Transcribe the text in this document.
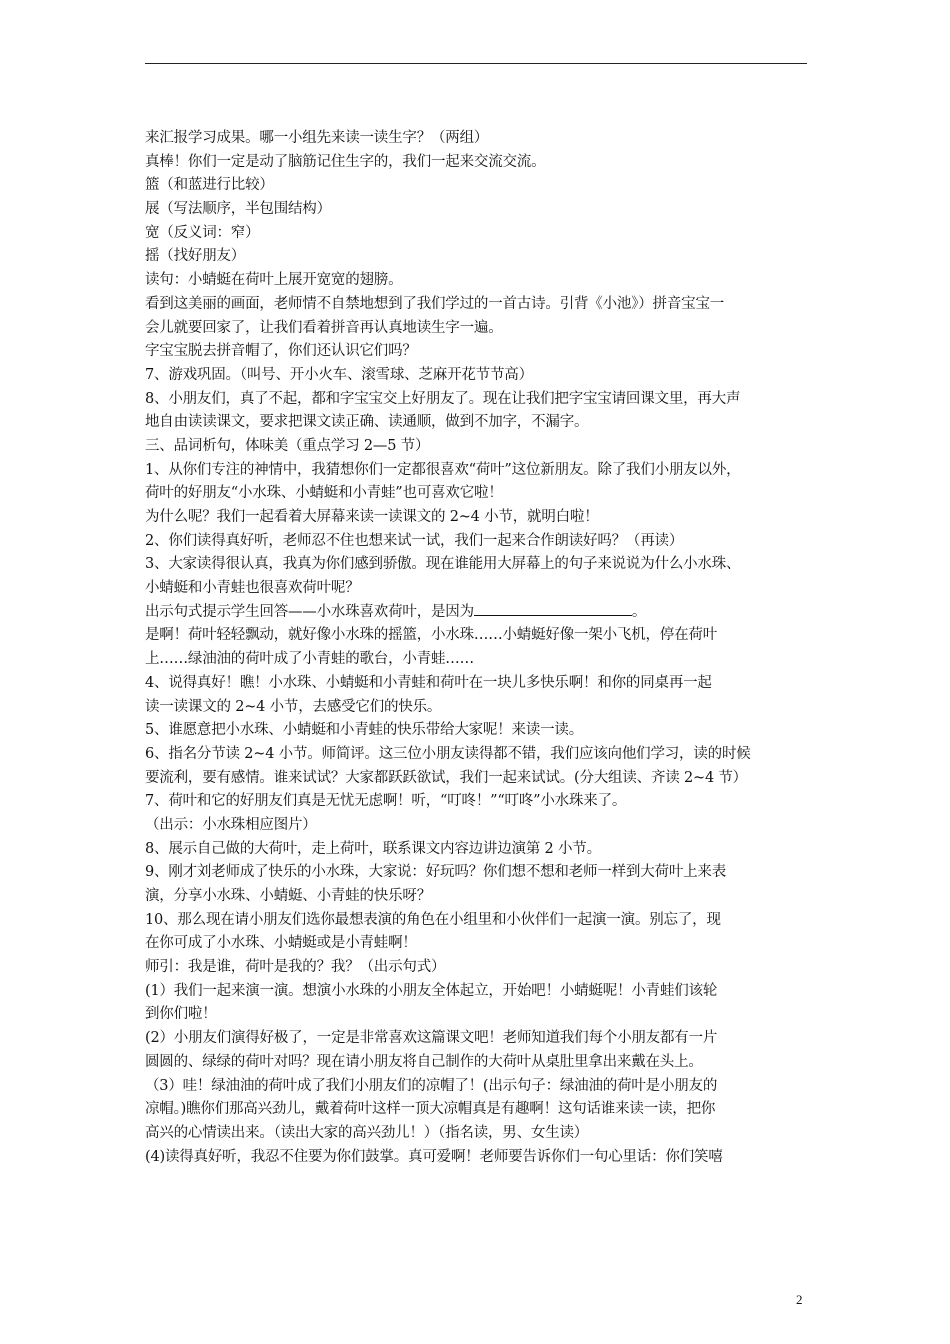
来汇报学习成果。哪一小组先来读一读生字？（两组）
真棒！你们一定是动了脑筋记住生字的，我们一起来交流交流。
篮（和蓝进行比较）
展（写法顺序，半包围结构）
宽（反义词：窄）
摇（找好朋友）
读句：小蜻蜓在荷叶上展开宽宽的翅膀。
看到这美丽的画面，老师情不自禁地想到了我们学过的一首古诗。引背《小池》）拼音宝宝一
会儿就要回家了，让我们看着拼音再认真地读生字一遍。
字宝宝脱去拼音帽了，你们还认识它们吗？
7、游戏巩固。（叫号、开小火车、滚雪球、芝麻开花节节高）
8、小朋友们，真了不起，都和字宝宝交上好朋友了。现在让我们把字宝宝请回课文里，再大声
地自由读读课文，要求把课文读正确、读通顺，做到不加字，不漏字。
三、品词析句，体味美（重点学习 2—5 节）
1、从你们专注的神情中，我猜想你们一定都很喜欢“荷叶”这位新朋友。除了我们小朋友以外，
荷叶的好朋友“小水珠、小蜻蜓和小青蛙”也可喜欢它啦！
为什么呢？我们一起看着大屏幕来读一读课文的 2~4 小节，就明白啦！
2、你们读得真好听，老师忍不住也想来试一试，我们一起来合作朗读好吗？（再读）
3、大家读得很认真，我真为你们感到骄傲。现在谁能用大屏幕上的句子来说说为什么小水珠、
小蜻蜓和小青蛙也很喜欢荷叶呢？
出示句式提示学生回答——小水珠喜欢荷叶，是因为	。
是啊！荷叶轻轻飘动，就好像小水珠的摇篮，小水珠……小蜻蜓好像一架小飞机，停在荷叶
上……绿油油的荷叶成了小青蛙的歌台，小青蛙……
4、说得真好！瞧！小水珠、小蜻蜓和小青蛙和荷叶在一块儿多快乐啊！和你的同桌再一起
读一读课文的 2~4 小节，去感受它们的快乐。
5、谁愿意把小水珠、小蜻蜓和小青蛙的快乐带给大家呢！来读一读。
6、指名分节读 2~4 小节。师简评。这三位小朋友读得都不错，我们应该向他们学习，读的时候
要流利，要有感情。谁来试试？大家都跃跃欲试，我们一起来试试。(分大组读、齐读 2~4 节）
7、荷叶和它的好朋友们真是无忧无虑啊！听，“叮咚！”“叮咚”小水珠来了。
（出示：小水珠相应图片）
8、展示自己做的大荷叶，走上荷叶，联系课文内容边讲边演第 2 小节。
9、刚才刘老师成了快乐的小水珠，大家说：好玩吗？你们想不想和老师一样到大荷叶上来表
演，分享小水珠、小蜻蜓、小青蛙的快乐呀？
10、那么现在请小朋友们选你最想表演的角色在小组里和小伙伴们一起演一演。别忘了，现
在你可成了小水珠、小蜻蜓或是小青蛙啊！
师引：我是谁，荷叶是我的？我？（出示句式）
(1）我们一起来演一演。想演小水珠的小朋友全体起立，开始吧！小蜻蜓呢！小青蛙们该轮
到你们啦！
(2）小朋友们演得好极了，一定是非常喜欢这篇课文吧！老师知道我们每个小朋友都有一片
圆圆的、绿绿的荷叶对吗？现在请小朋友将自己制作的大荷叶从桌肚里拿出来戴在头上。
（3）哇！绿油油的荷叶成了我们小朋友们的凉帽了！(出示句子：绿油油的荷叶是小朋友的
凉帽。)瞧你们那高兴劲儿，戴着荷叶这样一顶大凉帽真是有趣啊！这句话谁来读一读，把你
高兴的心情读出来。（读出大家的高兴劲儿！）（指名读，男、女生读）
(4)读得真好听，我忍不住要为你们鼓掌。真可爱啊！老师要告诉你们一句心里话：你们笑嘻
2
